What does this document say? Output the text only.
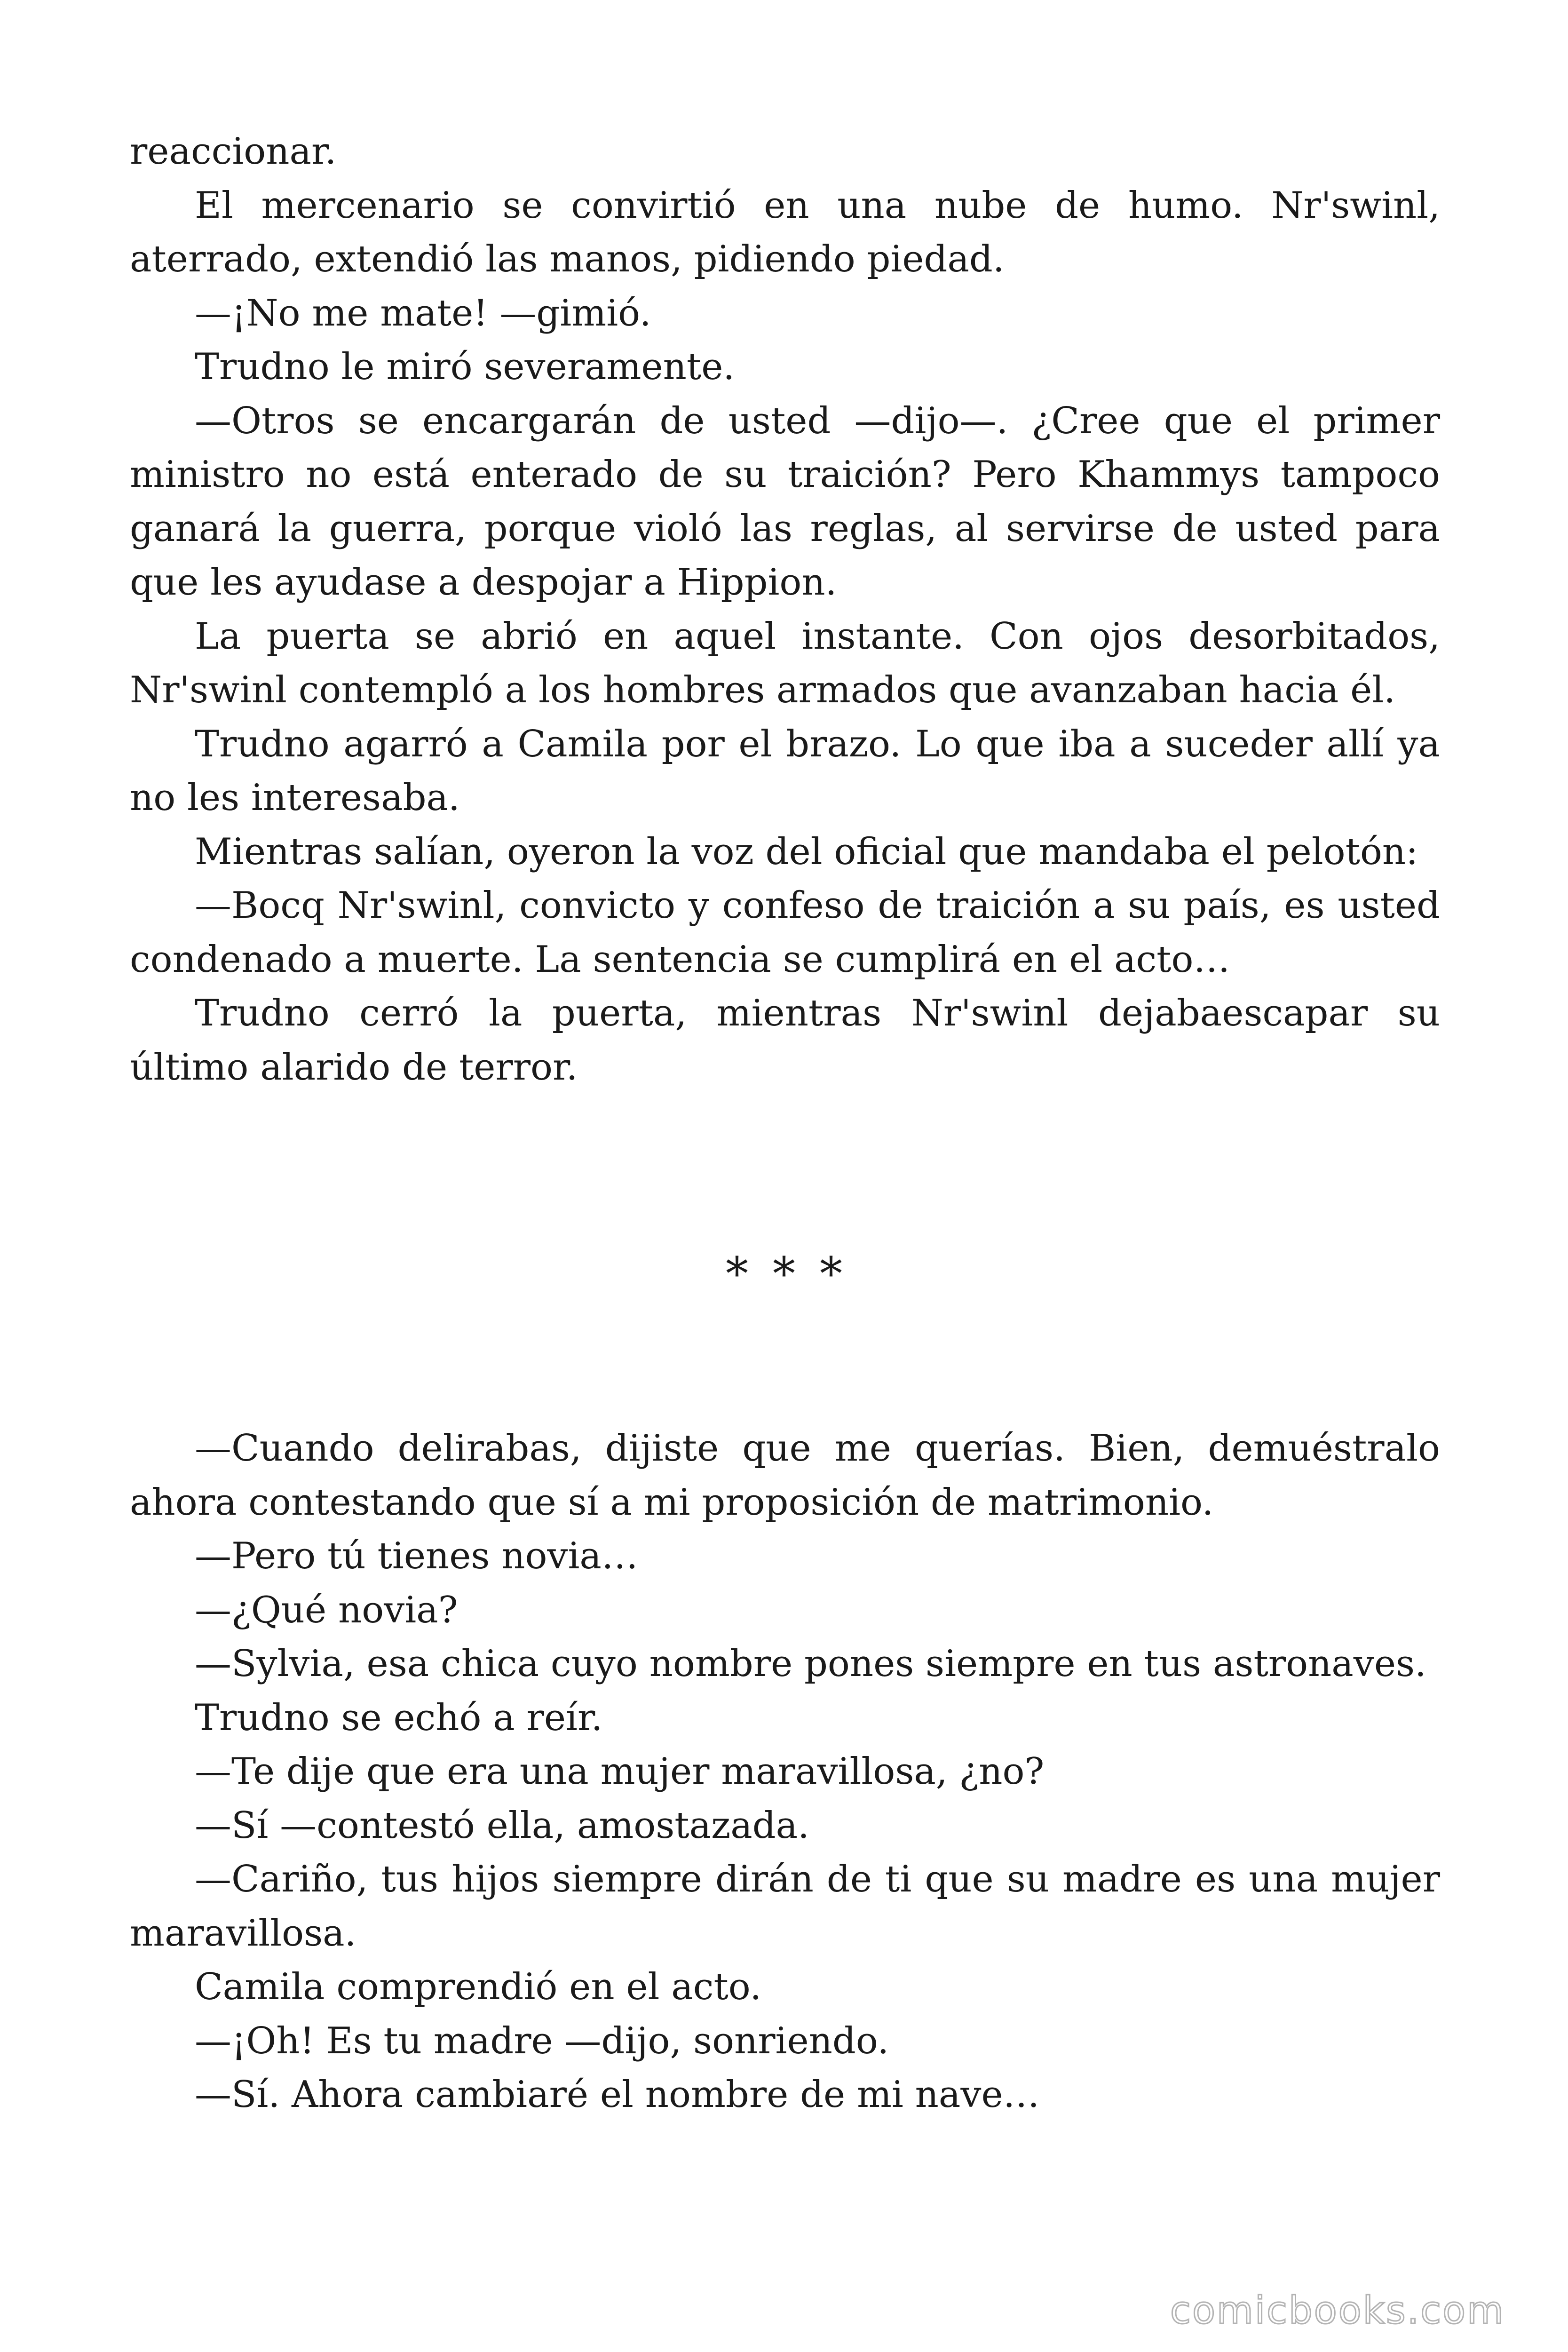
reaccionar.

El mercenario se convirtió en una nube de humo. Nr'swinl, aterrado, extendió las manos, pidiendo piedad.

—¡No me mate! —gimió.

Trudno le miró severamente.

—Otros se encargarán de usted —dijo—. ¿Cree que el primer ministro no está enterado de su traición? Pero Khammys tampoco ganará la guerra, porque violó las reglas, al servirse de usted para que les ayudase a despojar a Hippion.

La puerta se abrió en aquel instante. Con ojos desorbitados, Nr'swinl contempló a los hombres armados que avanzaban hacia él.

Trudno agarró a Camila por el brazo. Lo que iba a suceder allí ya no les interesaba.

Mientras salían, oyeron la voz del oficial que mandaba el pelotón:

—Bocq Nr'swinl, convicto y confeso de traición a su país, es usted condenado a muerte. La sentencia se cumplirá en el acto…

Trudno cerró la puerta, mientras Nr'swinl dejabaescapar su último alarido de terror.

* * *

—Cuando delirabas, dijiste que me querías. Bien, demuéstralo ahora contestando que sí a mi proposición de matrimonio.

—Pero tú tienes novia…

—¿Qué novia?

—Sylvia, esa chica cuyo nombre pones siempre en tus astronaves.

Trudno se echó a reír.

—Te dije que era una mujer maravillosa, ¿no?

—Sí —contestó ella, amostazada.

—Cariño, tus hijos siempre dirán de ti que su madre es una mujer maravillosa.

Camila comprendió en el acto.

—¡Oh! Es tu madre —dijo, sonriendo.

—Sí. Ahora cambiaré el nombre de mi nave…

comicbooks.com
